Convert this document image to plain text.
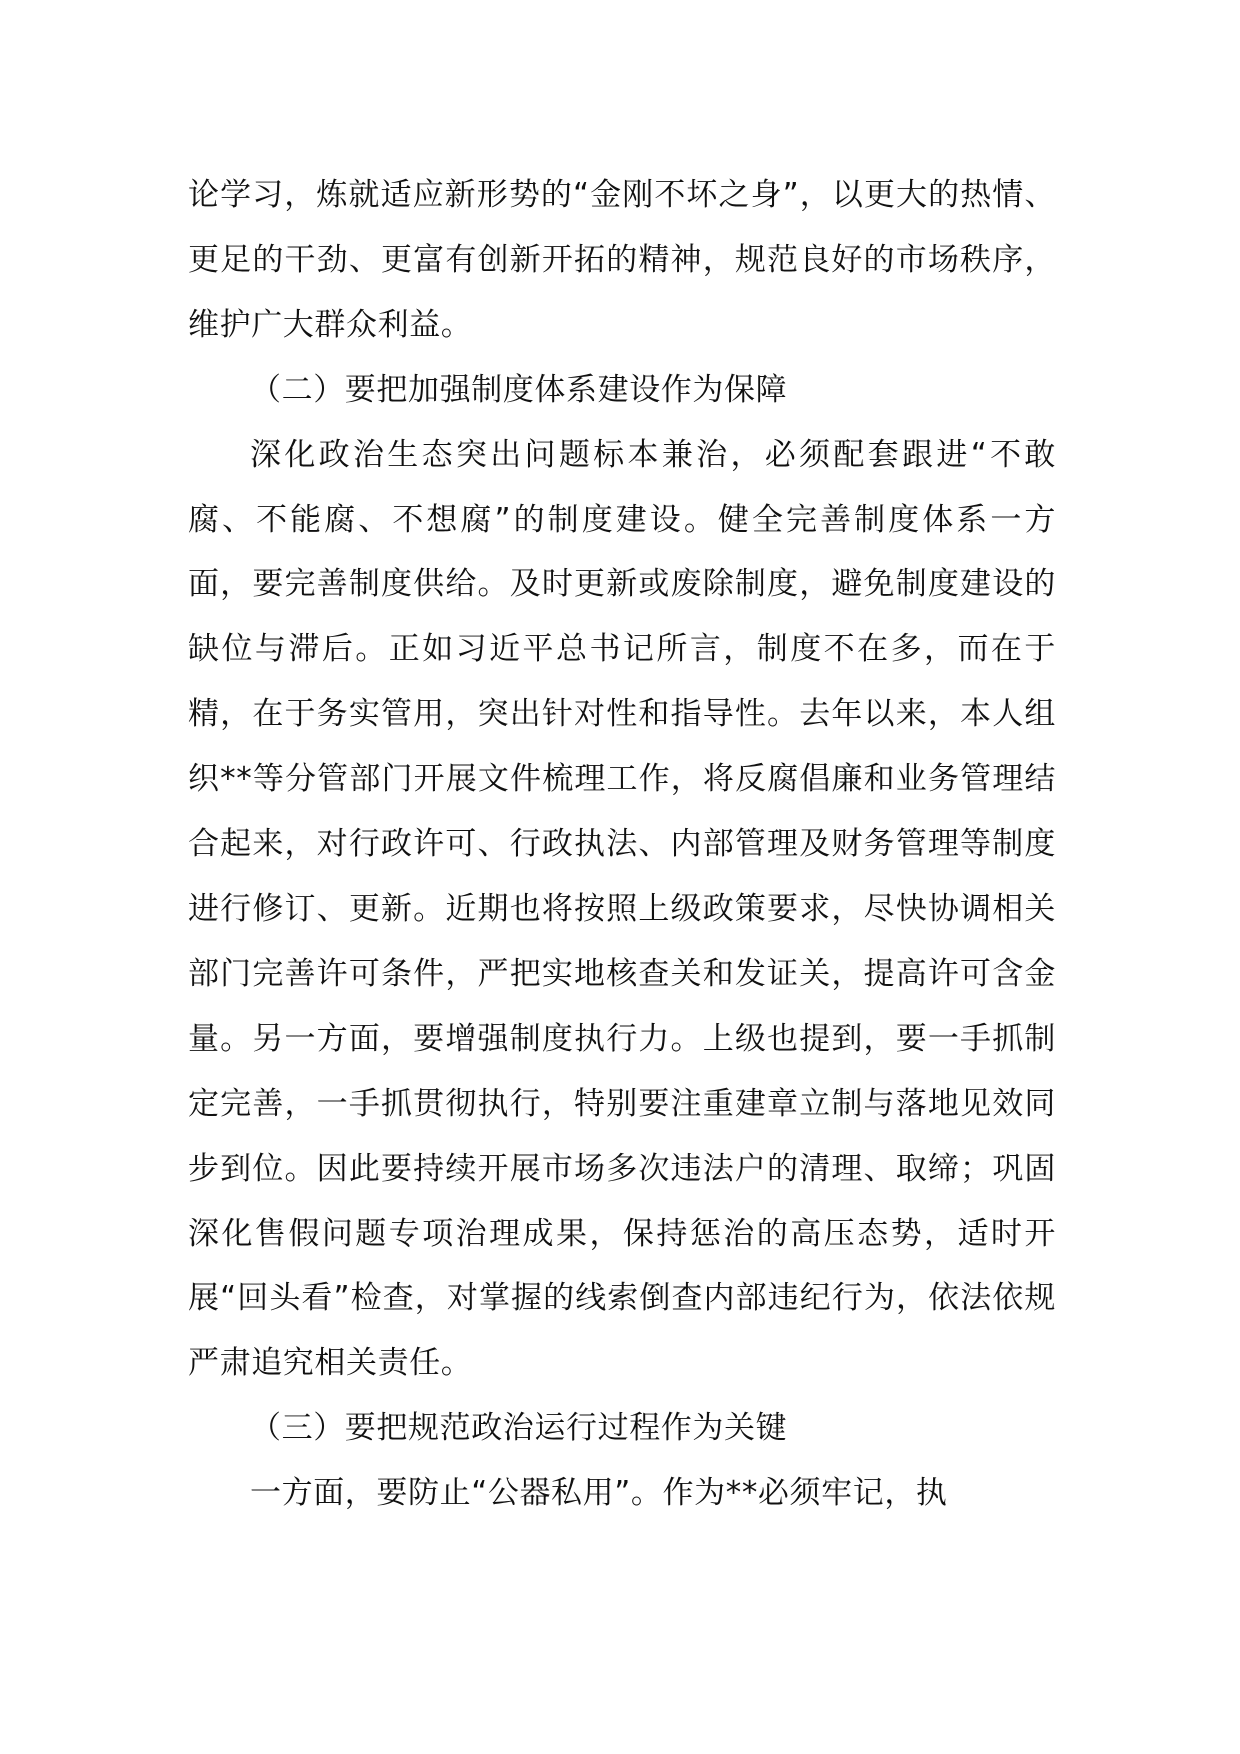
论学习，炼就适应新形势的“金刚不坏之身”，以更大的热情、更足的干劲、更富有创新开拓的精神，规范良好的市场秩序，维护广大群众利益。

（二）要把加强制度体系建设作为保障

深化政治生态突出问题标本兼治，必须配套跟进“不敢腐、不能腐、不想腐”的制度建设。健全完善制度体系一方面，要完善制度供给。及时更新或废除制度，避免制度建设的缺位与滞后。正如习近平总书记所言，制度不在多，而在于精，在于务实管用，突出针对性和指导性。去年以来，本人组织**等分管部门开展文件梳理工作，将反腐倡廉和业务管理结合起来，对行政许可、行政执法、内部管理及财务管理等制度进行修订、更新。近期也将按照上级政策要求，尽快协调相关部门完善许可条件，严把实地核查关和发证关，提高许可含金量。另一方面，要增强制度执行力。上级也提到，要一手抓制定完善，一手抓贯彻执行，特别要注重建章立制与落地见效同步到位。因此要持续开展市场多次违法户的清理、取缔；巩固深化售假问题专项治理成果，保持惩治的高压态势，适时开展“回头看”检查，对掌握的线索倒查内部违纪行为，依法依规严肃追究相关责任。

（三）要把规范政治运行过程作为关键

一方面，要防止“公器私用”。作为**必须牢记，执
